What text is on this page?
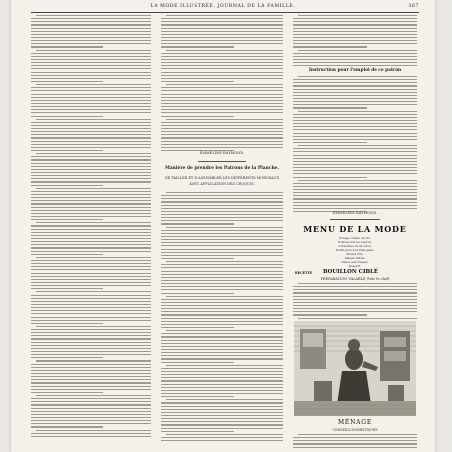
LA MODE ILLUSTRÉE, JOURNAL DE LA FAMILLE.	367
EMMELINE RAYMOND.
Manière de prendre les Patrons de la Planche.
DE TAILLER ET D'ASSEMBLER LES DIFFÉRENTS MORCEAUX
AVEC APPLICATION DES CROQUIS.
Instruction pour l'emploi de ce patron
EMMELINE RAYMOND.
MENU DE LA MODE
Potage crème de riz.
Poisson frit au beurre.
Côtelettes de mouton.
Petits pois à la française.
Poulet rôti.
Salade laitue.
Glace aux fraises.
Dessert.
RECETTE BOUILLON CIBLÉ
PRÉPARATION VALABLE (Voir le chef)
MÉNAGE
CONSEILS DOMESTIQUES
